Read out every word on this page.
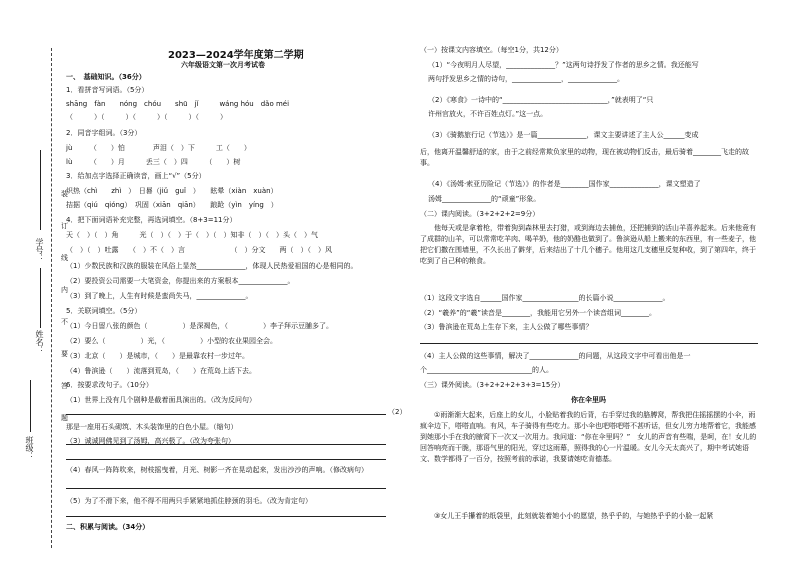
2023—2024学年度第二学期
六年级语文第一次月考试卷
装
订
线
内
不
要
答
题
学号：
姓名：
班级：
一、　基础知识。（36分）
1．看拼音写词语。（5分）
shāng　fàn　　nóng　chóu　　shū　jǐ　　　wáng hóu　dǎo méi
（　　　）（　　　）（　　　）（　　　）（　　　）
2．同音字组词。（3分）
jù　　　（　　）怕　　　　声泪（　）下　　　工（　　）
lù　　　（　　）月　　　丢三（　）四　　　（　　）树
3．给加点字选择正确读音，画上“√”（5分）
炽热（chì　　zhì　）　日晷（jiǔ　guǐ　）　　眩晕（xiàn　xuàn）
拮据（qiú　qióng）　巩固（xiān　qiān）　　踉跄（yìn　yíng　）
4．把下面词语补充完整，再选词填空。（8+3=11分）
天（　）（　）角　　　光（　）（　）于（　）（　）知非（　）（　）头（　）气
（　）（　）吐露　　（　）不（　）言　　　　　　　（　）分文　　两（　）（　）风
（1）少数民族和汉族的服装在风俗上显然______________，体现人民热爱祖国的心是相同的。
（2）要投资公司需要一大笔资金，你提出来的方案根本______________。
（3）到了晚上，人生有时候是蛮尚失马，______________。
5．关联词填空。（5分）
（1）今日留八张的颜色（　　　　　）是深褐色，（　　　　　）李子拜示豆脯多了。
（2）要么（　　　　　）光，（　　　　　）小型的农业果园全会。
（3）北京（　　）是城市，（　　）是最靠农村一步过年。
（4）鲁滨逊（　　）流落到荒岛，（　　）在荒岛上活下去。
6．按要求改句子。（10分）
（1）世界上没有几个剧种是截着面具演出的。（改为反问句）
（2）
那是一座用石头砌筑、木头装饰里的白色小屋。（缩句）
（3）诚诚网佛见到了汤姆，高兴极了。（改为夸张句）
（4）春风一阵阵吹来，树枝摇曳着，月光、树影一齐在晃动起来，发出沙沙的声响。（修改病句）
（5）为了不滑下来，他不得不用两只手紧紧地抓住脖颈的羽毛。（改为肯定句）
二、积累与阅读。（34分）
（一）按课文内容填空。（每空1分，共12分）
（1）“今夜明月人尽望，______________？”这两句诗抒发了作者的思乡之情。我还能写
两句抒发思乡之情的诗句，______________，______________。
（2）《寒食》一诗中的“______________________________，”就表明了“只
许州官放火，不许百姓点灯。”这一点。
（3）《骑鹅旅行记（节选）》是一篇______________，课文主要讲述了主人公______变成
后，他离开温馨舒适的家，由于之前经常欺负家里的动物，现在被动物们反击，最后骑着________飞走的故事。
（4）《汤姆·索亚历险记（节选）》的作者是________国作家______________，课文塑造了
汤姆______________的“顽童”形象。
（二）课内阅读。（3+2+2+2=9分）
他每天或是拿着枪，带着狗到森林里去打猎，或到海边去捕鱼，还把捕到的活山羊喜养起来。后来他竟有了成群的山羊，可以常常吃羊肉、喝羊奶，他的奶酪也做到了。鲁滨逊从船上搬来的东西里，有一些麦子，他把它们撒在围墙里，不久长出了僻芽，后来结出了十几个穗子。他用这几支穗里反复种收，到了第四年，终于吃到了自己种的粮食。
（1）这段文字选自______国作家________________的长篇小说______________。
（2）“羲养”的“羲”读音是________，我能用它另外一个读音组词________。
（3）鲁滨逊在荒岛上生存下来，主人公做了哪些事情？
（4）主人公做的这些事情，解决了______________的问题，从这段文字中可看出他是一
个______________________________的人。
（三）课外阅读。（3+2+2+2+3+3=15分）
你在伞里吗
①雨渐渐大起来，后座上的女儿，小脸贴着我的后背，右手穿过我的胳膊窝，帮我把住摇摇摆的小伞，雨疯伞边下，嗒嗒直响。有风，车子骑得有些吃力。那小伞也吧嗒吧嗒不甚听话，但女儿穷力地帮着它，我能感到她那小手在我的腋窝下一次又一次用力。我问道：“你在伞里吗？”　女儿的声音有些喘，是呵，在！女儿的回答响亮而干脆，那语气里的阳光，穿过这雨幕，照得我的心一片温暖。女儿今天太高兴了，期中考试她语文、数学都得了一百分，按照考前的承诺，我要请她吃肯德基。
③女儿王手攥着的纸袋里，此刻就装着她小小的愿望，热乎乎的，与她热乎乎的小脸一起紧
